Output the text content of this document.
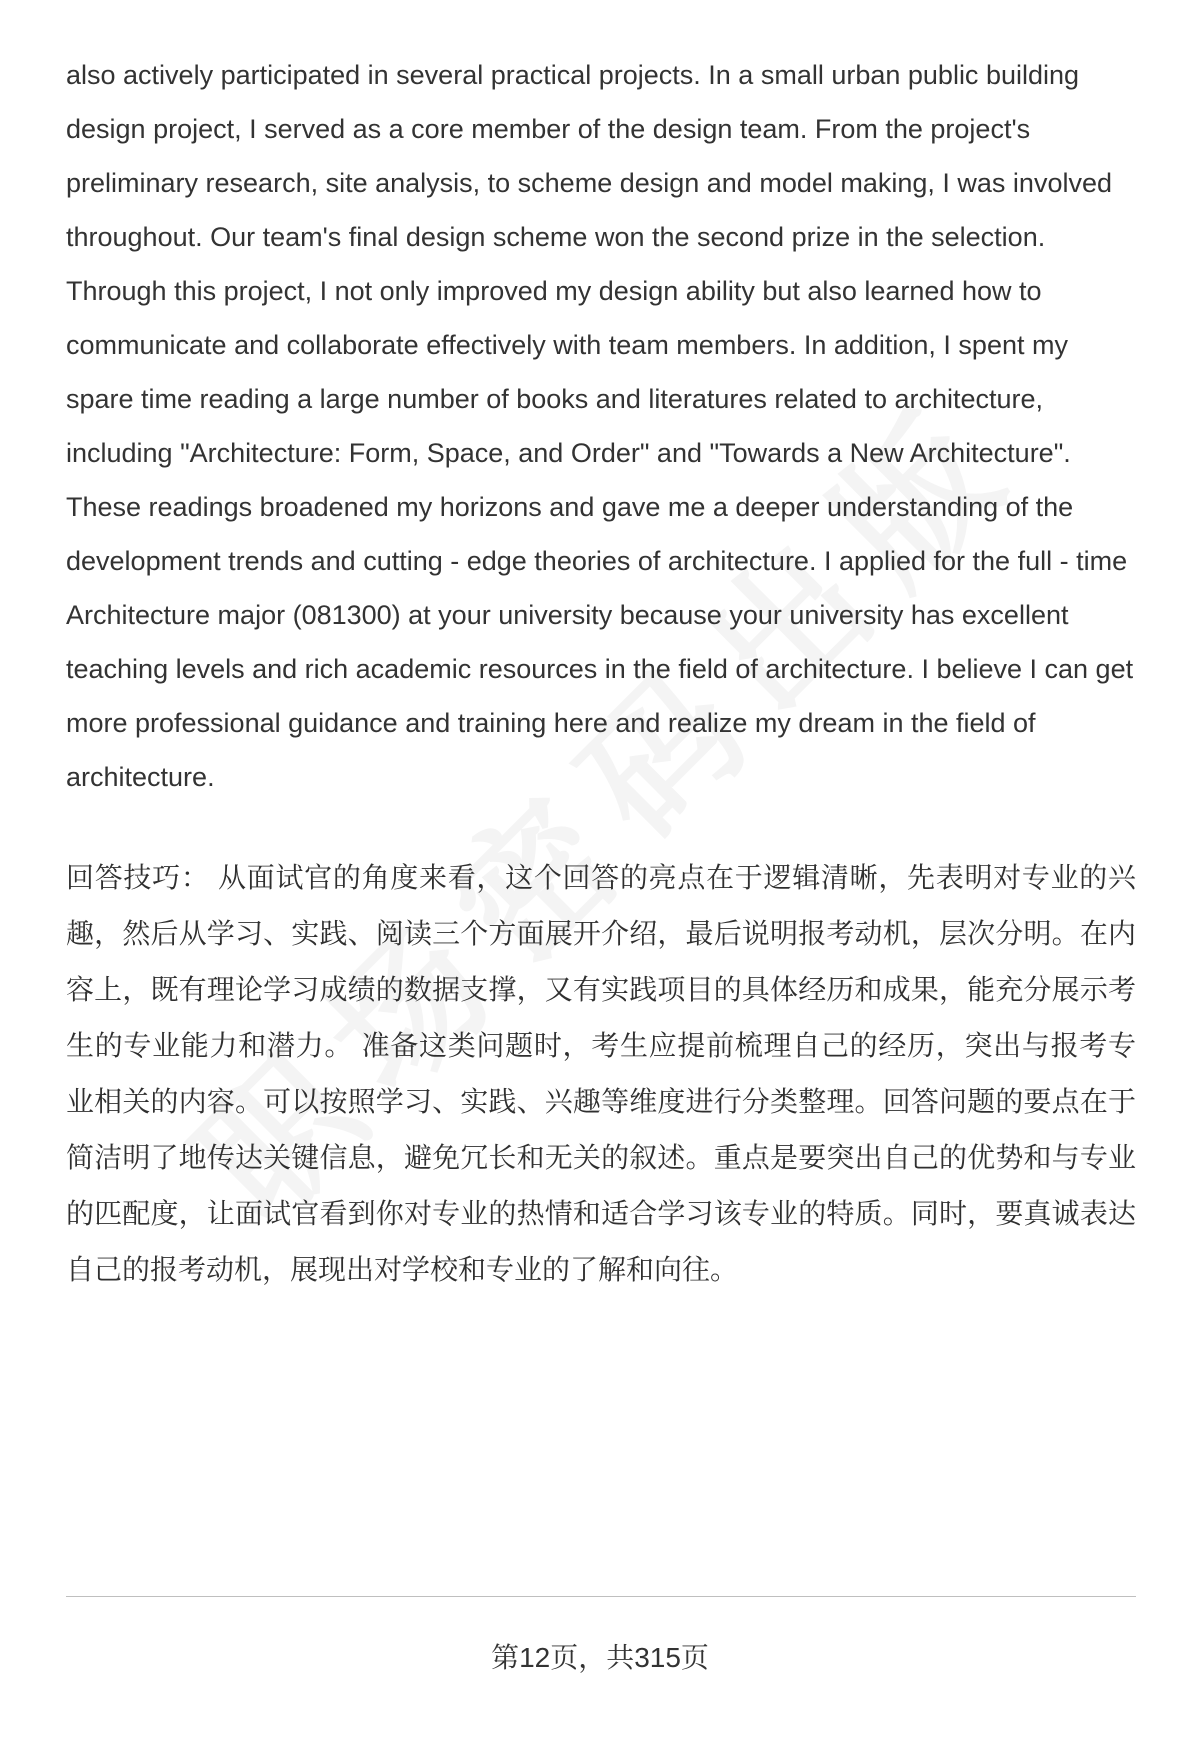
also actively participated in several practical projects. In a small urban public building design project, I served as a core member of the design team. From the project's preliminary research, site analysis, to scheme design and model making, I was involved throughout. Our team's final design scheme won the second prize in the selection. Through this project, I not only improved my design ability but also learned how to communicate and collaborate effectively with team members. In addition, I spent my spare time reading a large number of books and literatures related to architecture, including "Architecture: Form, Space, and Order" and "Towards a New Architecture". These readings broadened my horizons and gave me a deeper understanding of the development trends and cutting - edge theories of architecture. I applied for the full - time Architecture major (081300) at your university because your university has excellent teaching levels and rich academic resources in the field of architecture. I believe I can get more professional guidance and training here and realize my dream in the field of architecture.

回答技巧： 从面试官的角度来看，这个回答的亮点在于逻辑清晰，先表明对专业的兴趣，然后从学习、实践、阅读三个方面展开介绍，最后说明报考动机，层次分明。在内容上，既有理论学习成绩的数据支撑，又有实践项目的具体经历和成果，能充分展示考生的专业能力和潜力。 准备这类问题时，考生应提前梳理自己的经历，突出与报考专业相关的内容。可以按照学习、实践、兴趣等维度进行分类整理。回答问题的要点在于简洁明了地传达关键信息，避免冗长和无关的叙述。重点是要突出自己的优势和与专业的匹配度，让面试官看到你对专业的热情和适合学习该专业的特质。同时，要真诚表达自己的报考动机，展现出对学校和专业的了解和向往。

第12页，共315页
